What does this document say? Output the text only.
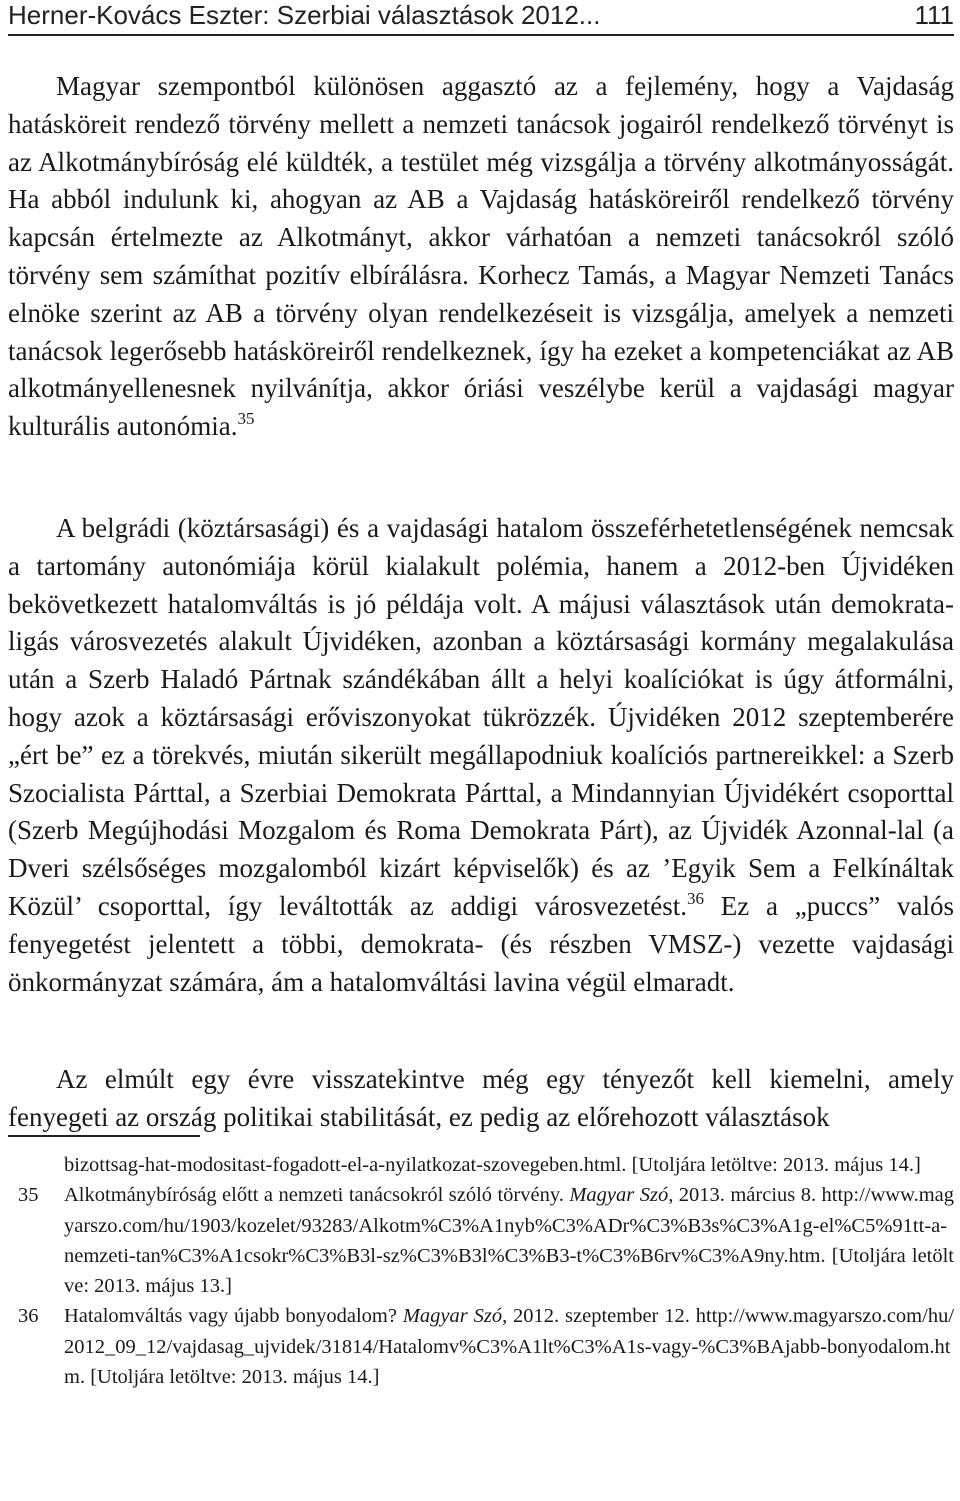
Herner-Kovács Eszter: Szerbiai választások 2012...	111

Magyar szempontból különösen aggasztó az a fejlemény, hogy a Vajdaság hatásköreit rendező törvény mellett a nemzeti tanácsok jogairól rendelkező törvényt is az Alkotmánybíróság elé küldték, a testület még vizsgálja a törvény alkotmányosságát. Ha abból indulunk ki, ahogyan az AB a Vajdaság hatásköreiről rendelkező törvény kapcsán értelmezte az Alkotmányt, akkor várhatóan a nemzeti tanácsokról szóló törvény sem számíthat pozitív elbírálásra. Korhecz Tamás, a Magyar Nemzeti Tanács elnöke szerint az AB a törvény olyan rendelkezéseit is vizsgálja, amelyek a nemzeti tanácsok legerősebb hatásköreiről rendelkeznek, így ha ezeket a kompetenciákat az AB alkotmányellenesnek nyilvánítja, akkor óriási veszélybe kerül a vajdasági magyar kulturális autonómia.$^{35}$

A belgrádi (köztársasági) és a vajdasági hatalom összeférhetetlenségének nemcsak a tartomány autonómiája körül kialakult polémia, hanem a 2012-ben Újvidéken bekövetkezett hatalomváltás is jó példája volt. A májusi választások után demokrata-ligás városvezetés alakult Újvidéken, azonban a köztársasági kormány megalakulása után a Szerb Haladó Pártnak szándékában állt a helyi koalíciókat is úgy átformálni, hogy azok a köztársasági erőviszonyokat tükrözzék. Újvidéken 2012 szeptemberére „ért be” ez a törekvés, miután sikerült megállapodniuk koalíciós partnereikkel: a Szerb Szocialista Párttal, a Szerbiai Demokrata Párttal, a Mindannyian Újvidékért csoporttal (Szerb Megújhodási Mozgalom és Roma Demokrata Párt), az Újvidék Azonnal-lal (a Dveri szélsőséges mozgalomból kizárt képviselők) és az ’Egyik Sem a Felkínáltak Közül’ csoporttal, így leváltották az addigi városvezetést.$^{36}$ Ez a „puccs” valós fenyegetést jelentett a többi, demokrata- (és részben VMSZ-) vezette vajdasági önkormányzat számára, ám a hatalomváltási lavina végül elmaradt.

Az elmúlt egy évre visszatekintve még egy tényezőt kell kiemelni, amely fenyegeti az ország politikai stabilitását, ez pedig az előrehozott választások

bizottsag-hat-modositast-fogadott-el-a-nyilatkozat-szovegeben.html. [Utoljára letöltve: 2013. május 14.]
35	Alkotmánybíróság előtt a nemzeti tanácsokról szóló törvény. Magyar Szó, 2013. március 8. http://www.magyarszo.com/hu/1903/kozelet/93283/Alkotm%C3%A1nyb%C3%ADr%C3%B3s%C3%A1g-el%C5%91tt-a-nemzeti-tan%C3%A1csokr%C3%B3l-sz%C3%B3l%C3%B3-t%C3%B6rv%C3%A9ny.htm. [Utoljára letöltve: 2013. május 13.]
36	Hatalomváltás vagy újabb bonyodalom? Magyar Szó, 2012. szeptember 12. http://www.magyarszo.com/hu/2012_09_12/vajdasag_ujvidek/31814/Hatalomv%C3%A1lt%C3%A1s-vagy-%C3%BAjabb-bonyodalom.htm. [Utoljára letöltve: 2013. május 14.]
